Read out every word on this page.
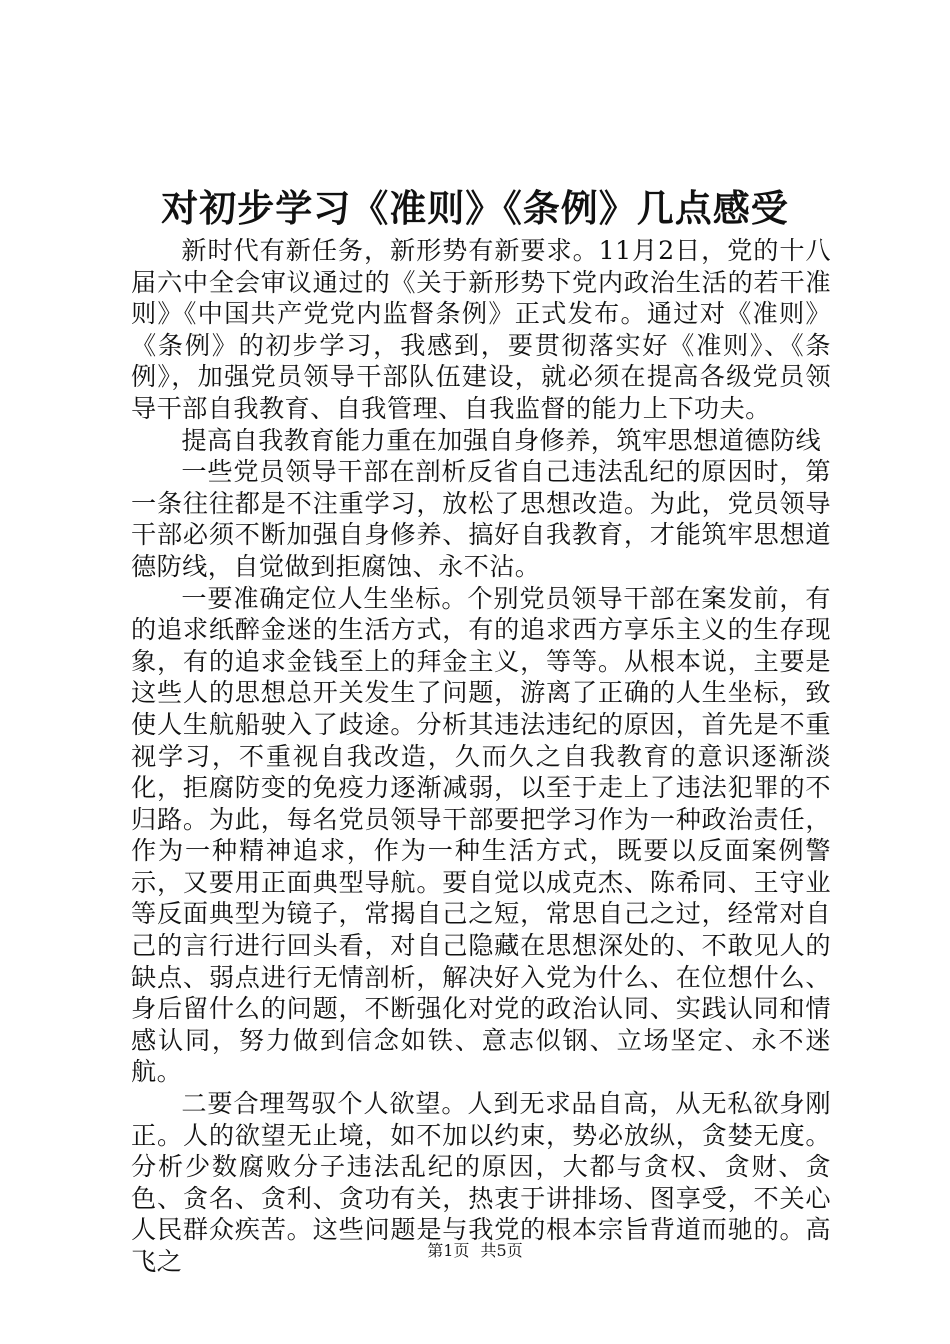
对初步学习《准则》《条例》几点感受

新时代有新任务，新形势有新要求。11月2日，党的十八届六中全会审议通过的《关于新形势下党内政治生活的若干准则》《中国共产党党内监督条例》正式发布。通过对《准则》《条例》的初步学习，我感到，要贯彻落实好《准则》、《条例》，加强党员领导干部队伍建设，就必须在提高各级党员领导干部自我教育、自我管理、自我监督的能力上下功夫。

提高自我教育能力重在加强自身修养，筑牢思想道德防线

一些党员领导干部在剖析反省自己违法乱纪的原因时，第一条往往都是不注重学习，放松了思想改造。为此，党员领导干部必须不断加强自身修养、搞好自我教育，才能筑牢思想道德防线，自觉做到拒腐蚀、永不沾。

一要准确定位人生坐标。个别党员领导干部在案发前，有的追求纸醉金迷的生活方式，有的追求西方享乐主义的生存现象，有的追求金钱至上的拜金主义，等等。从根本说，主要是这些人的思想总开关发生了问题，游离了正确的人生坐标，致使人生航船驶入了歧途。分析其违法违纪的原因，首先是不重视学习，不重视自我改造，久而久之自我教育的意识逐渐淡化，拒腐防变的免疫力逐渐减弱，以至于走上了违法犯罪的不归路。为此，每名党员领导干部要把学习作为一种政治责任，作为一种精神追求，作为一种生活方式，既要以反面案例警示，又要用正面典型导航。要自觉以成克杰、陈希同、王守业等反面典型为镜子，常揭自己之短，常思自己之过，经常对自己的言行进行回头看，对自己隐藏在思想深处的、不敢见人的缺点、弱点进行无情剖析，解决好入党为什么、在位想什么、身后留什么的问题，不断强化对党的政治认同、实践认同和情感认同，努力做到信念如铁、意志似钢、立场坚定、永不迷航。

二要合理驾驭个人欲望。人到无求品自高，从无私欲身刚正。人的欲望无止境，如不加以约束，势必放纵，贪婪无度。分析少数腐败分子违法乱纪的原因，大都与贪权、贪财、贪色、贪名、贪利、贪功有关，热衷于讲排场、图享受，不关心人民群众疾苦。这些问题是与我党的根本宗旨背道而驰的。高飞之	第1页 共5页
